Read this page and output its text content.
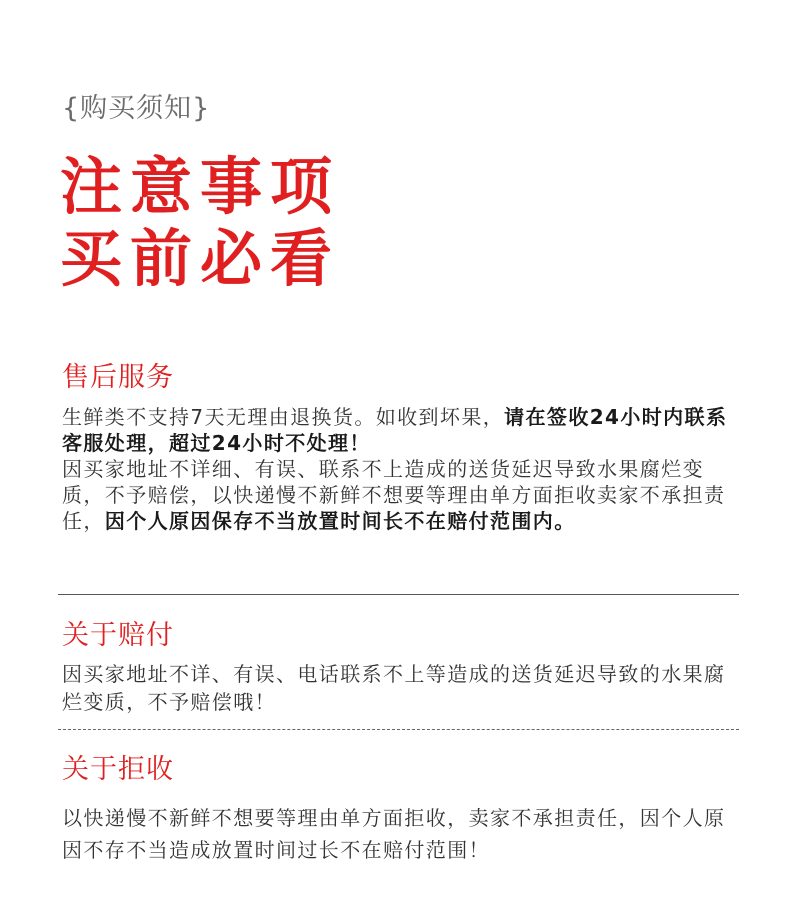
{购买须知}
注意事项
买前必看
售后服务
生鲜类不支持7天无理由退换货。如收到坏果，请在签收24小时内联系客服处理，超过24小时不处理！
因买家地址不详细、有误、联系不上造成的送货延迟导致水果腐烂变质，不予赔偿，以快递慢不新鲜不想要等理由单方面拒收卖家不承担责任，因个人原因保存不当放置时间长不在赔付范围内。
关于赔付
因买家地址不详、有误、电话联系不上等造成的送货延迟导致的水果腐烂变质，不予赔偿哦！
关于拒收
以快递慢不新鲜不想要等理由单方面拒收，卖家不承担责任，因个人原因不存不当造成放置时间过长不在赔付范围！
